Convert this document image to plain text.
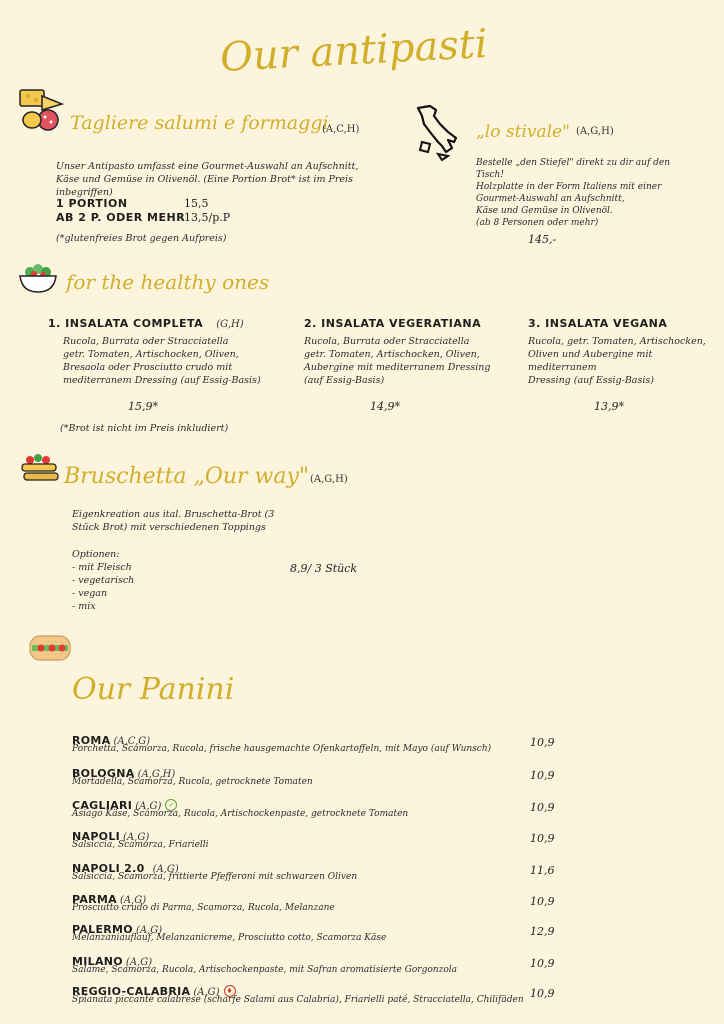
Our antipasti
Tagliere salumi e formaggi
(A,C,H)
Unser Antipasto umfasst eine Gourmet-Auswahl an Aufschnitt,
Käse und Gemüse in Olivenöl. (Eine Portion Brot* ist im Preis inbegriffen)
1 PORTION	15,5
AB 2 P. ODER MEHR
13,5/p.P
(*glutenfreies Brot gegen Aufpreis)
„lo stivale" (A,G,H)
Bestelle „den Stiefel" direkt zu dir auf den Tisch!
Holzplatte in der Form Italiens mit einer
Gourmet-Auswahl an Aufschnitt,
Käse und Gemüse in Olivenöl.
(ab 8 Personen oder mehr)
145,-
for the healthy ones
1. INSALATA COMPLETA (G,H)
Rucola, Burrata oder Stracciatella
getr. Tomaten, Artischocken, Oliven,
Bresaola oder Prosciutto crudo mit
mediterranem Dressing (auf Essig-Basis)
15,9*
2. INSALATA VEGERATIANA
Rucola, Burrata oder Stracciatella
getr. Tomaten, Artischocken, Oliven,
Aubergine mit mediterranem Dressing
(auf Essig-Basis)
14,9*
3. INSALATA VEGANA
Rucola, getr. Tomaten, Artischocken,
Oliven und Aubergine mit mediterranem
Dressing (auf Essig-Basis)
13,9*
(*Brot ist nicht im Preis inkludiert)
Bruschetta „Our way" (A,G,H)
Eigenkreation aus ital. Bruschetta-Brot (3
Stück Brot) mit verschiedenen Toppings
Optionen:
- mit Fleisch
- vegetarisch
- vegan
- mix
8,9/ 3 Stück
Our Panini
ROMA (A,C,G)
Porchetta, Scamorza, Rucola, frische hausgemachte Ofenkartoffeln, mit Mayo (auf Wunsch)	10,9
BOLOGNA (A,G,H)
Mortadella, Scamorza, Rucola, getrocknete Tomaten	10,9
CAGLIARI (A,G) ✓
Asiago Käse, Scamorza, Rucola, Artischockenpaste, getrocknete Tomaten	10,9
NAPOLI (A,G)
Salsiccia, Scamorza, Friarielli	10,9
NAPOLI 2.0 (A,G)
Salsiccia, Scamorza, frittierte Pfefferoni mit schwarzen Oliven	11,6
PARMA (A,G)
Prosciutto crudo di Parma, Scamorza, Rucola, Melanzane	10,9
PALERMO (A,G)
Melanzaniauflauf, Melanzanicreme, Prosciutto cotto, Scamorza Käse	12,9
MILANO (A,G)
Salame, Scamorza, Rucola, Artischockenpaste, mit Safran aromatisierte Gorgonzola	10,9
REGGIO-CALABRIA (A,G) ♦
Spianata piccante calabrese (scharfe Salami aus Calabria), Friarielli paté, Stracciatella, Chilifäden 10,9
